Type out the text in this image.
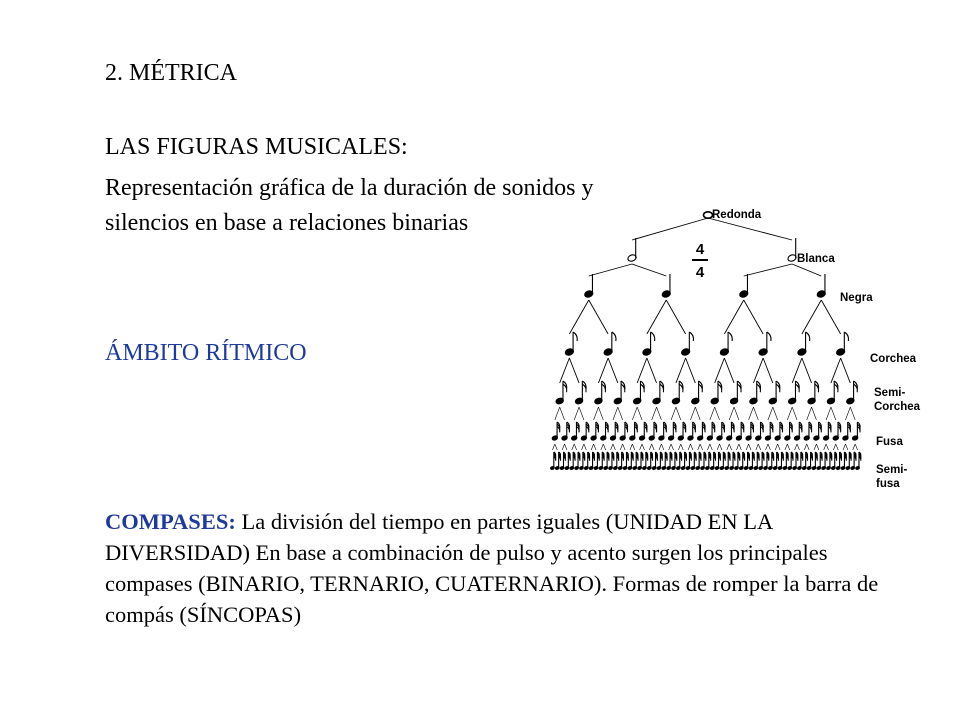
2. MÉTRICA
LAS FIGURAS MUSICALES:
Representación gráfica de la duración de sonidos y
silencios en base a relaciones binarias
ÁMBITO RÍTMICO
Redonda
Blanca
Negra
Corchea
Semi-
Corchea
Fusa
Semi-
fusa
4
4
COMPASES: La división del tiempo en partes iguales (UNIDAD EN LA DIVERSIDAD) En base a combinación de pulso y acento surgen los principales compases (BINARIO, TERNARIO, CUATERNARIO). Formas de romper la barra de compás (SÍNCOPAS)
